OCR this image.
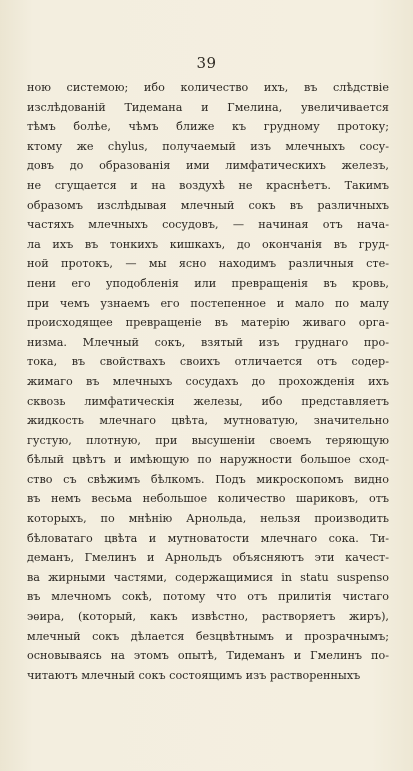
39
ною системою; ибо количество ихъ, въ слѣдствіе
изслѣдованій Тидемана и Гмелина, увеличивается
тѣмъ болѣе, чѣмъ ближе къ грудному протоку;
ктому же chylus, получаемый изъ млечныхъ сосу-
довъ до образованія ими лимфатическихъ железъ,
не сгущается и на воздухѣ не краснѣетъ. Такимъ
образомъ изслѣдывая млечный сокъ въ различныхъ
частяхъ млечныхъ сосудовъ, — начиная отъ нача-
ла ихъ въ тонкихъ кишкахъ, до окончанія въ груд-
ной протокъ, — мы ясно находимъ различныя сте-
пени его уподобленія или превращенія въ кровь,
при чемъ узнаемъ его постепенное и мало по малу
происходящее превращеніе въ матерію живаго орга-
низма. Млечный сокъ, взятый изъ груднаго про-
тока, въ свойствахъ своихъ отличается отъ содер-
жимаго въ млечныхъ сосудахъ до прохожденія ихъ
сквозь лимфатическія железы, ибо представляетъ
жидкость млечнаго цвѣта, мутноватую, значительно
густую, плотную, при высушеніи своемъ теряющую
бѣлый цвѣтъ и имѣющую по наружности большое сход-
ство съ свѣжимъ бѣлкомъ. Подъ микроскопомъ видно
въ немъ весьма небольшое количество шариковъ, отъ
которыхъ, по мнѣнію Арнольда, нельзя производить
бѣловатаго цвѣта и мутноватости млечнаго сока. Ти-
деманъ, Гмелинъ и Арнольдъ объясняютъ эти качест-
ва жирными частями, содержащимися in statu suspenso
въ млечномъ сокѣ, потому что отъ прилитія чистаго
эѳира, (который, какъ извѣстно, растворяетъ жиръ),
млечный сокъ дѣлается безцвѣтнымъ и прозрачнымъ;
основываясь на этомъ опытѣ, Тидеманъ и Гмелинъ по-
читаютъ млечный сокъ состоящимъ изъ растворенныхъ
